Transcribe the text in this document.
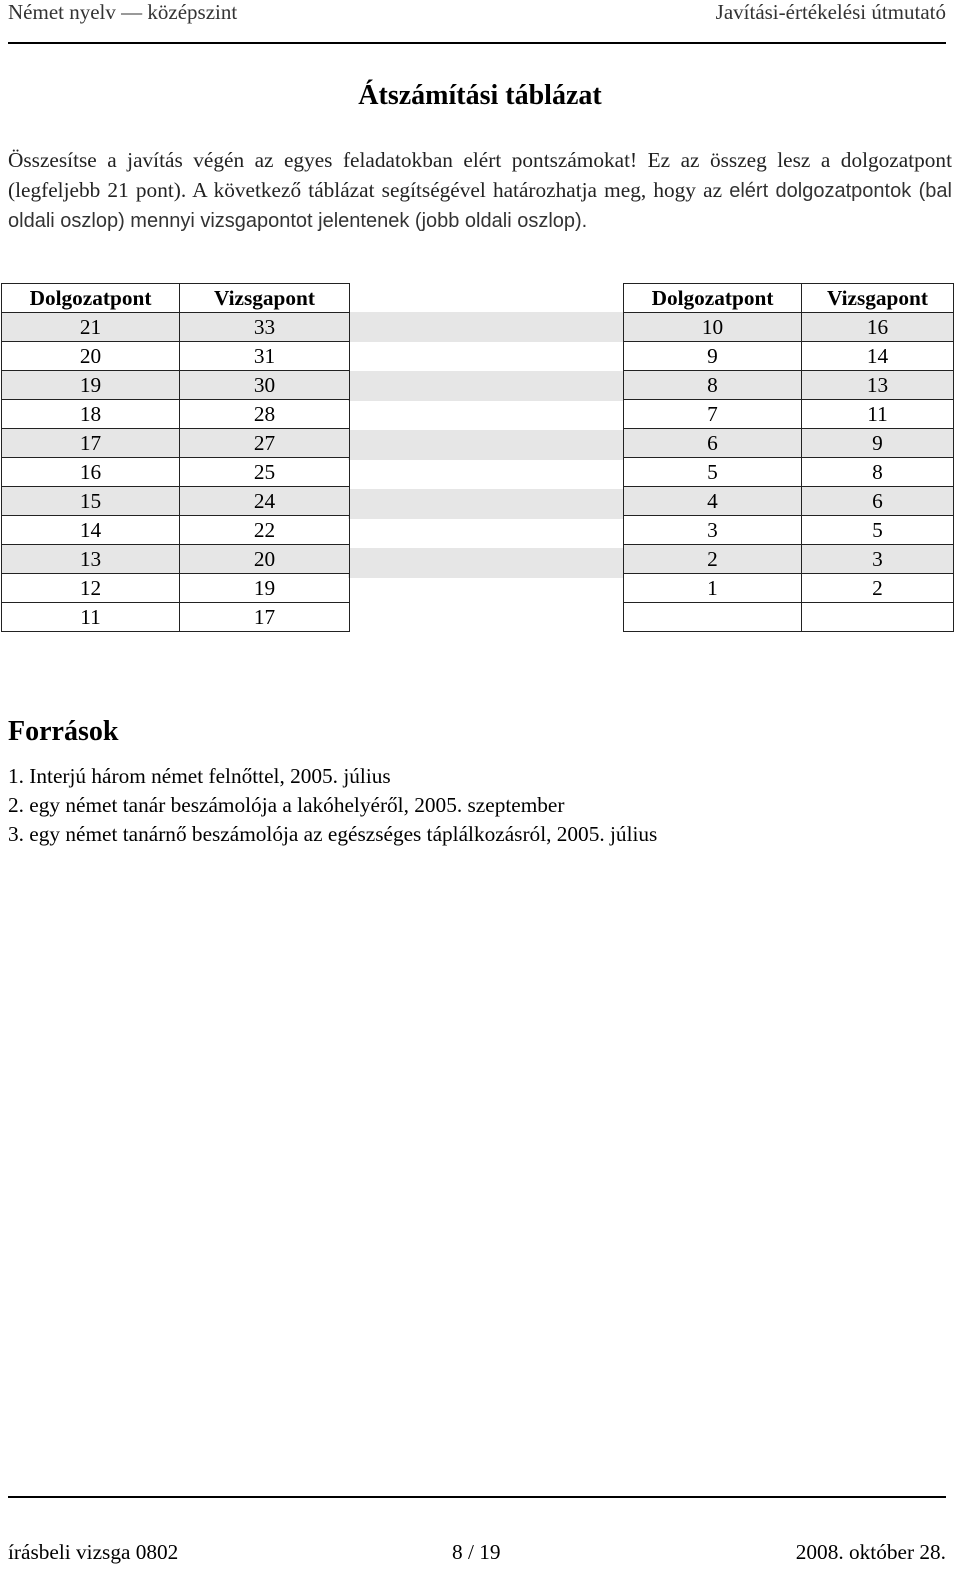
Német nyelv — középszint	Javítási-értékelési útmutató
Átszámítási táblázat
Összesítse a javítás végén az egyes feladatokban elért pontszámokat! Ez az összeg lesz a dolgozatpont (legfeljebb 21 pont). A következő táblázat segítségével határozhatja meg, hogy az elért dolgozatpontok (bal oldali oszlop) mennyi vizsgapontot jelentenek (jobb oldali oszlop).
Dolgozatpont	Vizsgapont
21	33
20	31
19	30
18	28
17	27
16	25
15	24
14	22
13	20
12	19
11	17
Dolgozatpont	Vizsgapont
10	16
9	14
8	13
7	11
6	9
5	8
4	6
3	5
2	3
1	2

Források
1. Interjú három német felnőttel, 2005. július
2. egy német tanár beszámolója a lakóhelyéről, 2005. szeptember
3. egy német tanárnő beszámolója az egészséges táplálkozásról, 2005. július
írásbeli vizsga 0802	8 / 19	2008. október 28.
